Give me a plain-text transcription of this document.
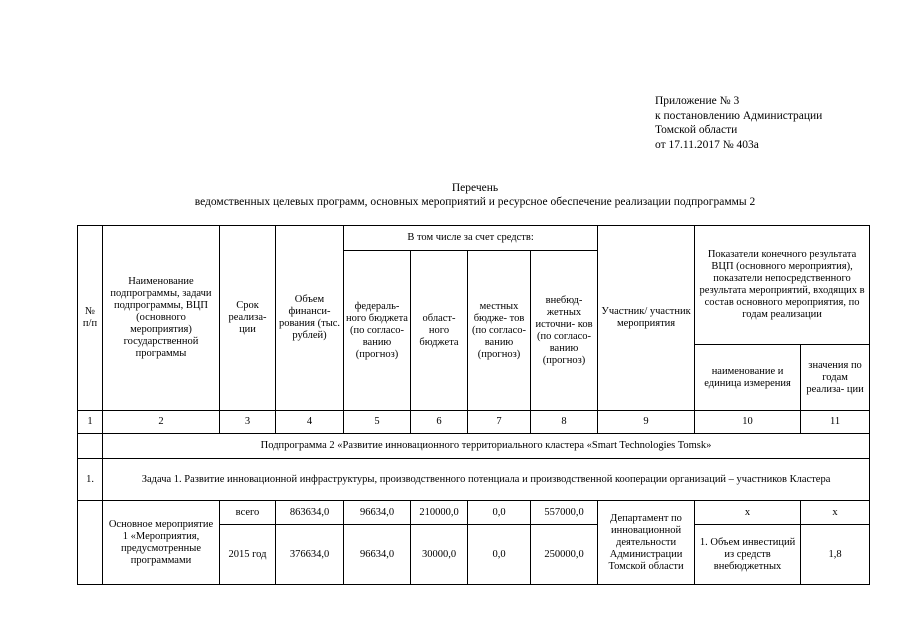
Приложение № 3
к постановлению Администрации
Томской области
от 17.11.2017 № 403а
Перечень
ведомственных целевых программ, основных мероприятий и ресурсное обеспечение реализации подпрограммы 2
№ п/п	Наименование подпрограммы, задачи подпрограммы, ВЦП (основного мероприятия) государственной программы	Срок реализа- ции	Объем финанси- рования (тыс. рублей)	В том числе за счет средств:				Участник/ участник мероприятия	Показатели конечного результата ВЦП (основного мероприятия), показатели непосредственного результата мероприятий, входящих в состав основного мероприятия, по годам реализации	
				федераль- ного бюджета (по согласо- ванию (прогноз)	област- ного бюджета	местных бюдже- тов (по согласо- ванию (прогноз)	внебюд- жетных источни- ков (по согласо- ванию (прогноз)			
									наименование и единица измерения	значения по годам реализа- ции
1	2	3	4	5	6	7	8	9	10	11
	Подпрограмма 2 «Развитие инновационного территориального кластера «Smart Technologies Tomsk»									
1.	Задача 1. Развитие инновационной инфраструктуры, производственного потенциала и производственной кооперации организаций – участников Кластера									
	Основное мероприятие 1 «Мероприятия, предусмотренные программами	всего	863634,0	96634,0	210000,0	0,0	557000,0	Департамент по инновационной деятельности Администрации Томской области	х	х
		2015 год	376634,0	96634,0	30000,0	0,0	250000,0		1. Объем инвестиций из средств внебюджетных	1,8
